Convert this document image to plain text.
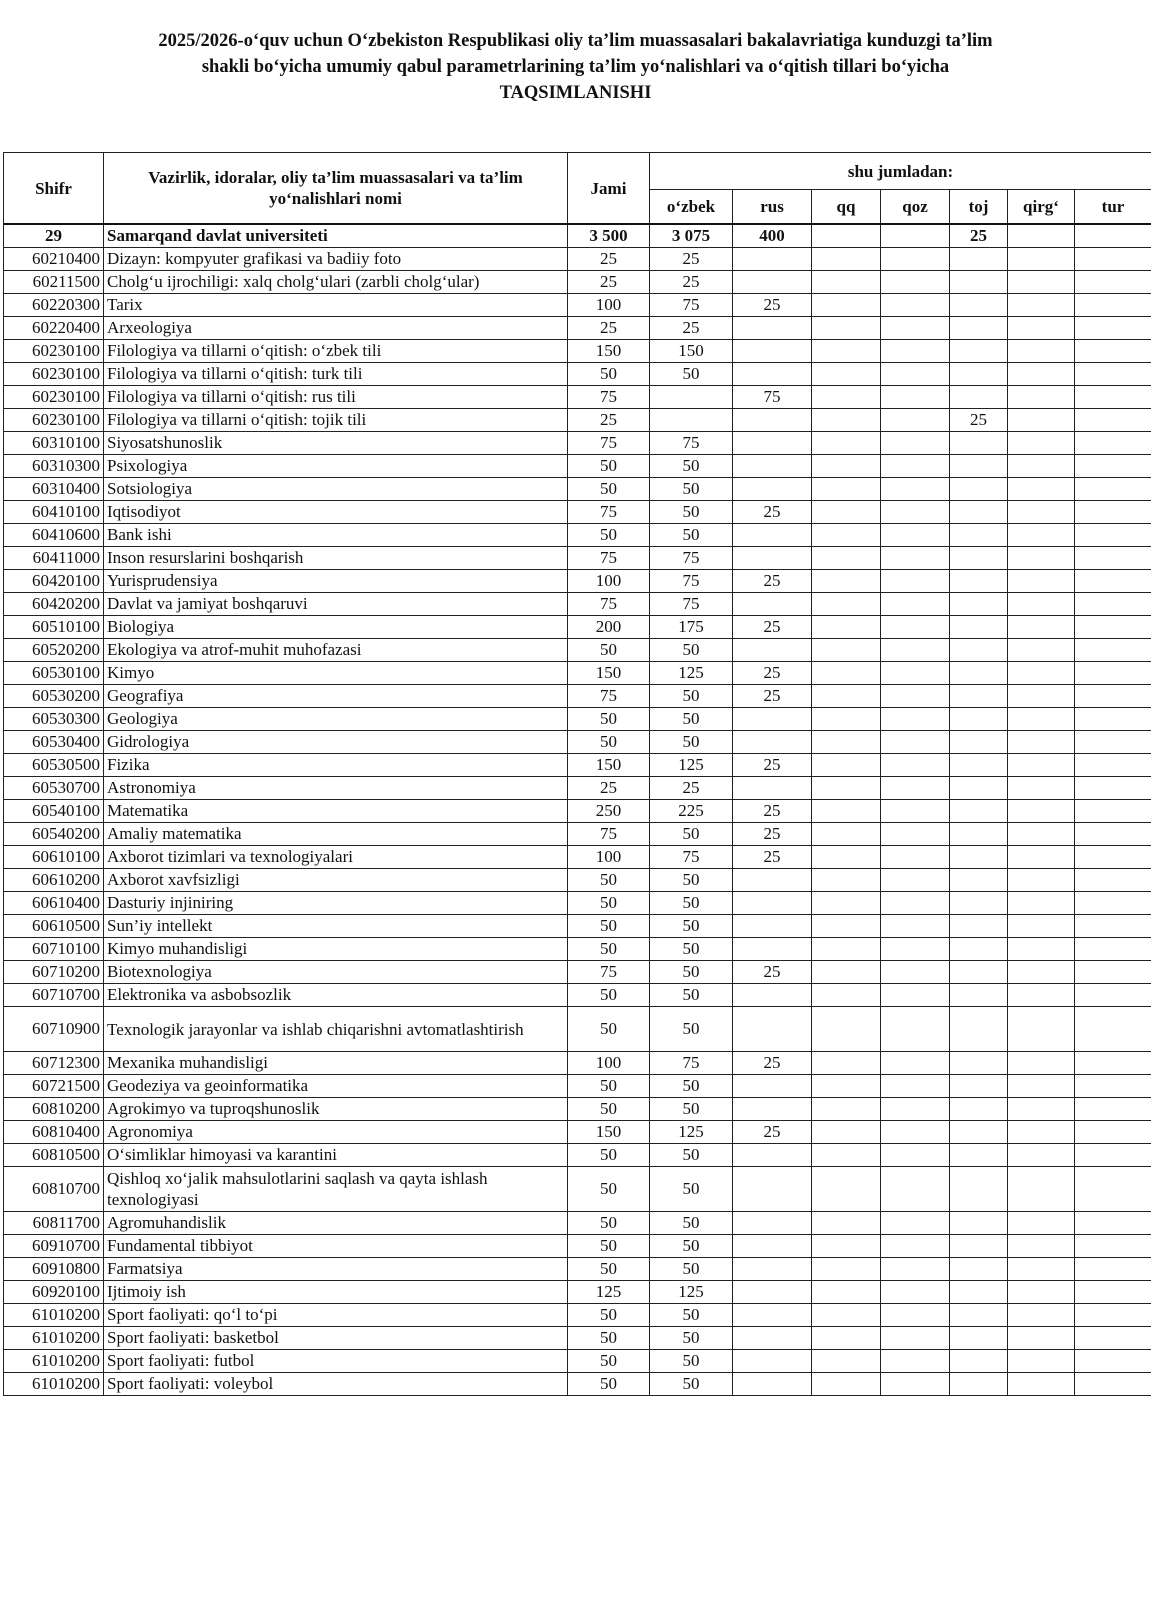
2025/2026-o‘quv uchun O‘zbekiston Respublikasi oliy ta’lim muassasalari bakalavriatiga kunduzgi ta’lim
shakli bo‘yicha umumiy qabul parametrlarining ta’lim yo‘nalishlari va o‘qitish tillari bo‘yicha
TAQSIMLANISHI
Shifr	Vazirlik, idoralar, oliy ta’lim muassasalari va ta’lim yo‘nalishlari nomi	Jami	shu jumladan:						
			o‘zbek	rus	qq	qoz	toj	qirg‘	tur
29	Samarqand davlat universiteti	3 500	3 075	400			25		
60210400	Dizayn: kompyuter grafikasi va badiiy foto	25	25						
60211500	Cholg‘u ijrochiligi: xalq cholg‘ulari (zarbli cholg‘ular)	25	25						
60220300	Tarix	100	75	25					
60220400	Arxeologiya	25	25						
60230100	Filologiya va tillarni o‘qitish: o‘zbek tili	150	150						
60230100	Filologiya va tillarni o‘qitish: turk tili	50	50						
60230100	Filologiya va tillarni o‘qitish: rus tili	75		75					
60230100	Filologiya va tillarni o‘qitish: tojik tili	25					25		
60310100	Siyosatshunoslik	75	75						
60310300	Psixologiya	50	50						
60310400	Sotsiologiya	50	50						
60410100	Iqtisodiyot	75	50	25					
60410600	Bank ishi	50	50						
60411000	Inson resurslarini boshqarish	75	75						
60420100	Yurisprudensiya	100	75	25					
60420200	Davlat va jamiyat boshqaruvi	75	75						
60510100	Biologiya	200	175	25					
60520200	Ekologiya va atrof-muhit muhofazasi	50	50						
60530100	Kimyo	150	125	25					
60530200	Geografiya	75	50	25					
60530300	Geologiya	50	50						
60530400	Gidrologiya	50	50						
60530500	Fizika	150	125	25					
60530700	Astronomiya	25	25						
60540100	Matematika	250	225	25					
60540200	Amaliy matematika	75	50	25					
60610100	Axborot tizimlari va texnologiyalari	100	75	25					
60610200	Axborot xavfsizligi	50	50						
60610400	Dasturiy injiniring	50	50						
60610500	Sun’iy intellekt	50	50						
60710100	Kimyo muhandisligi	50	50						
60710200	Biotexnologiya	75	50	25					
60710700	Elektronika va asbobsozlik	50	50						
60710900	Texnologik jarayonlar va ishlab chiqarishni avtomatlashtirish	50	50						
60712300	Mexanika muhandisligi	100	75	25					
60721500	Geodeziya va geoinformatika	50	50						
60810200	Agrokimyo va tuproqshunoslik	50	50						
60810400	Agronomiya	150	125	25					
60810500	O‘simliklar himoyasi va karantini	50	50						
60810700	Qishloq xo‘jalik mahsulotlarini saqlash va qayta ishlash texnologiyasi	50	50						
60811700	Agromuhandislik	50	50						
60910700	Fundamental tibbiyot	50	50						
60910800	Farmatsiya	50	50						
60920100	Ijtimoiy ish	125	125						
61010200	Sport faoliyati: qo‘l to‘pi	50	50						
61010200	Sport faoliyati: basketbol	50	50						
61010200	Sport faoliyati: futbol	50	50						
61010200	Sport faoliyati: voleybol	50	50						
